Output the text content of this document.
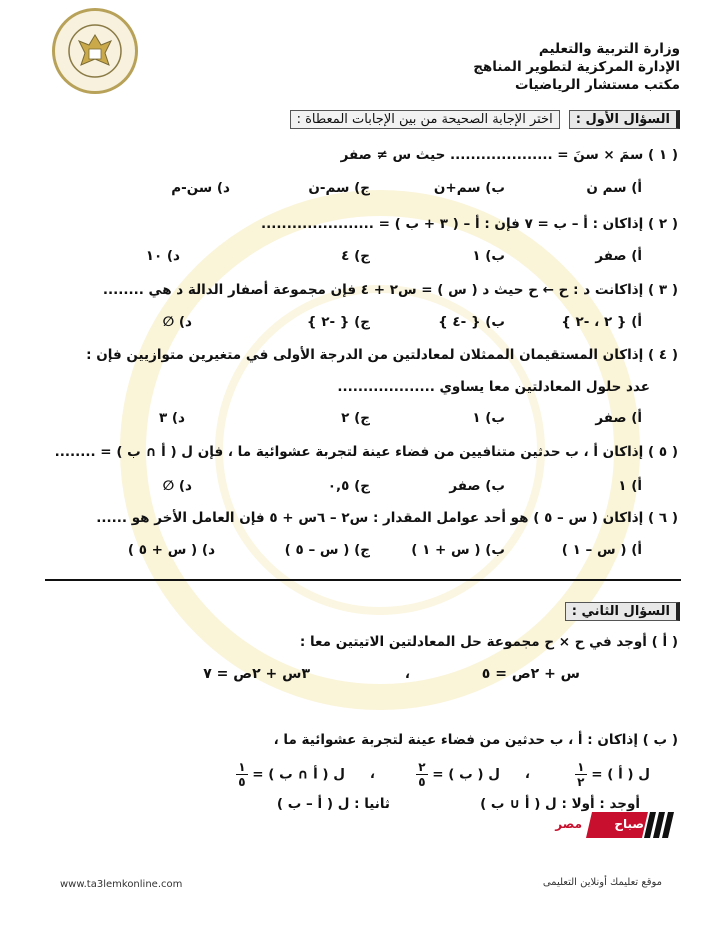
وزارة التربية والتعليم
الإدارة المركزية لتطوير المناهج
مكتب مستشار الرياضيات
السؤال الأول : اختر الإجابة الصحيحة من بين الإجابات المعطاة :
( ١ ) سمَ × سنَ = .................... حيث س ≠ صفر
أ) سم ن
ب) سم+ن
ج) سم-ن
د) سن-م
( ٢ ) إذاكان : أ – ب = ٧ فإن : أ – ( ٣ + ب ) = ......................
أ) صفر
ب) ١
ج) ٤
د) ١٠
( ٣ ) إذاكانت د : ح ← ح حيث د ( س ) = س٢ + ٤ فإن مجموعة أصفار الدالة د هي ........
أ) { ٢ ، -٢ }
ب) { -٤ }
ج) { -٢ }
د) ∅
( ٤ ) إذاكان المستقيمان الممثلان لمعادلتين من الدرجة الأولى في متغيرين متوازيين فإن :
عدد حلول المعادلتين معا يساوي ...................
أ) صفر
ب) ١
ج) ٢
د) ٣
( ٥ ) إذاكان أ ، ب حدثين متنافيين من فضاء عينة لتجربة عشوائية ما ، فإن ل ( أ ∩ ب ) = ........
أ) ١
ب) صفر
ج) ٠,٥
د) ∅
( ٦ ) إذاكان ( س – ٥ ) هو أحد عوامل المقدار : س٢ – ٦س + ٥ فإن العامل الأخر هو ......
أ) ( س – ١ )
ب) ( س + ١ )
ج) ( س – ٥ )
د) ( س + ٥ )
السؤال الثاني :
( أ ) أوجد في ح × ح مجموعة حل المعادلتين الاتيتين معا :
س + ٢ص = ٥
،
٣س + ٢ص = ٧
( ب ) إذاكان : أ ، ب حدثين من فضاء عينة لتجربة عشوائية ما ،
ل ( أ ) =
$\frac{١}{٢}$
،
ل ( ب ) =
$\frac{٢}{٥}$
،
ل ( أ ∩ ب ) =
$\frac{١}{٥}$
أوجد : أولا : ل ( أ ∪ ب )
ثانيا : ل ( أ – ب )
صباح
مصر
www.ta3lemkonline.com	موقع تعليمك أونلاين التعليمى
